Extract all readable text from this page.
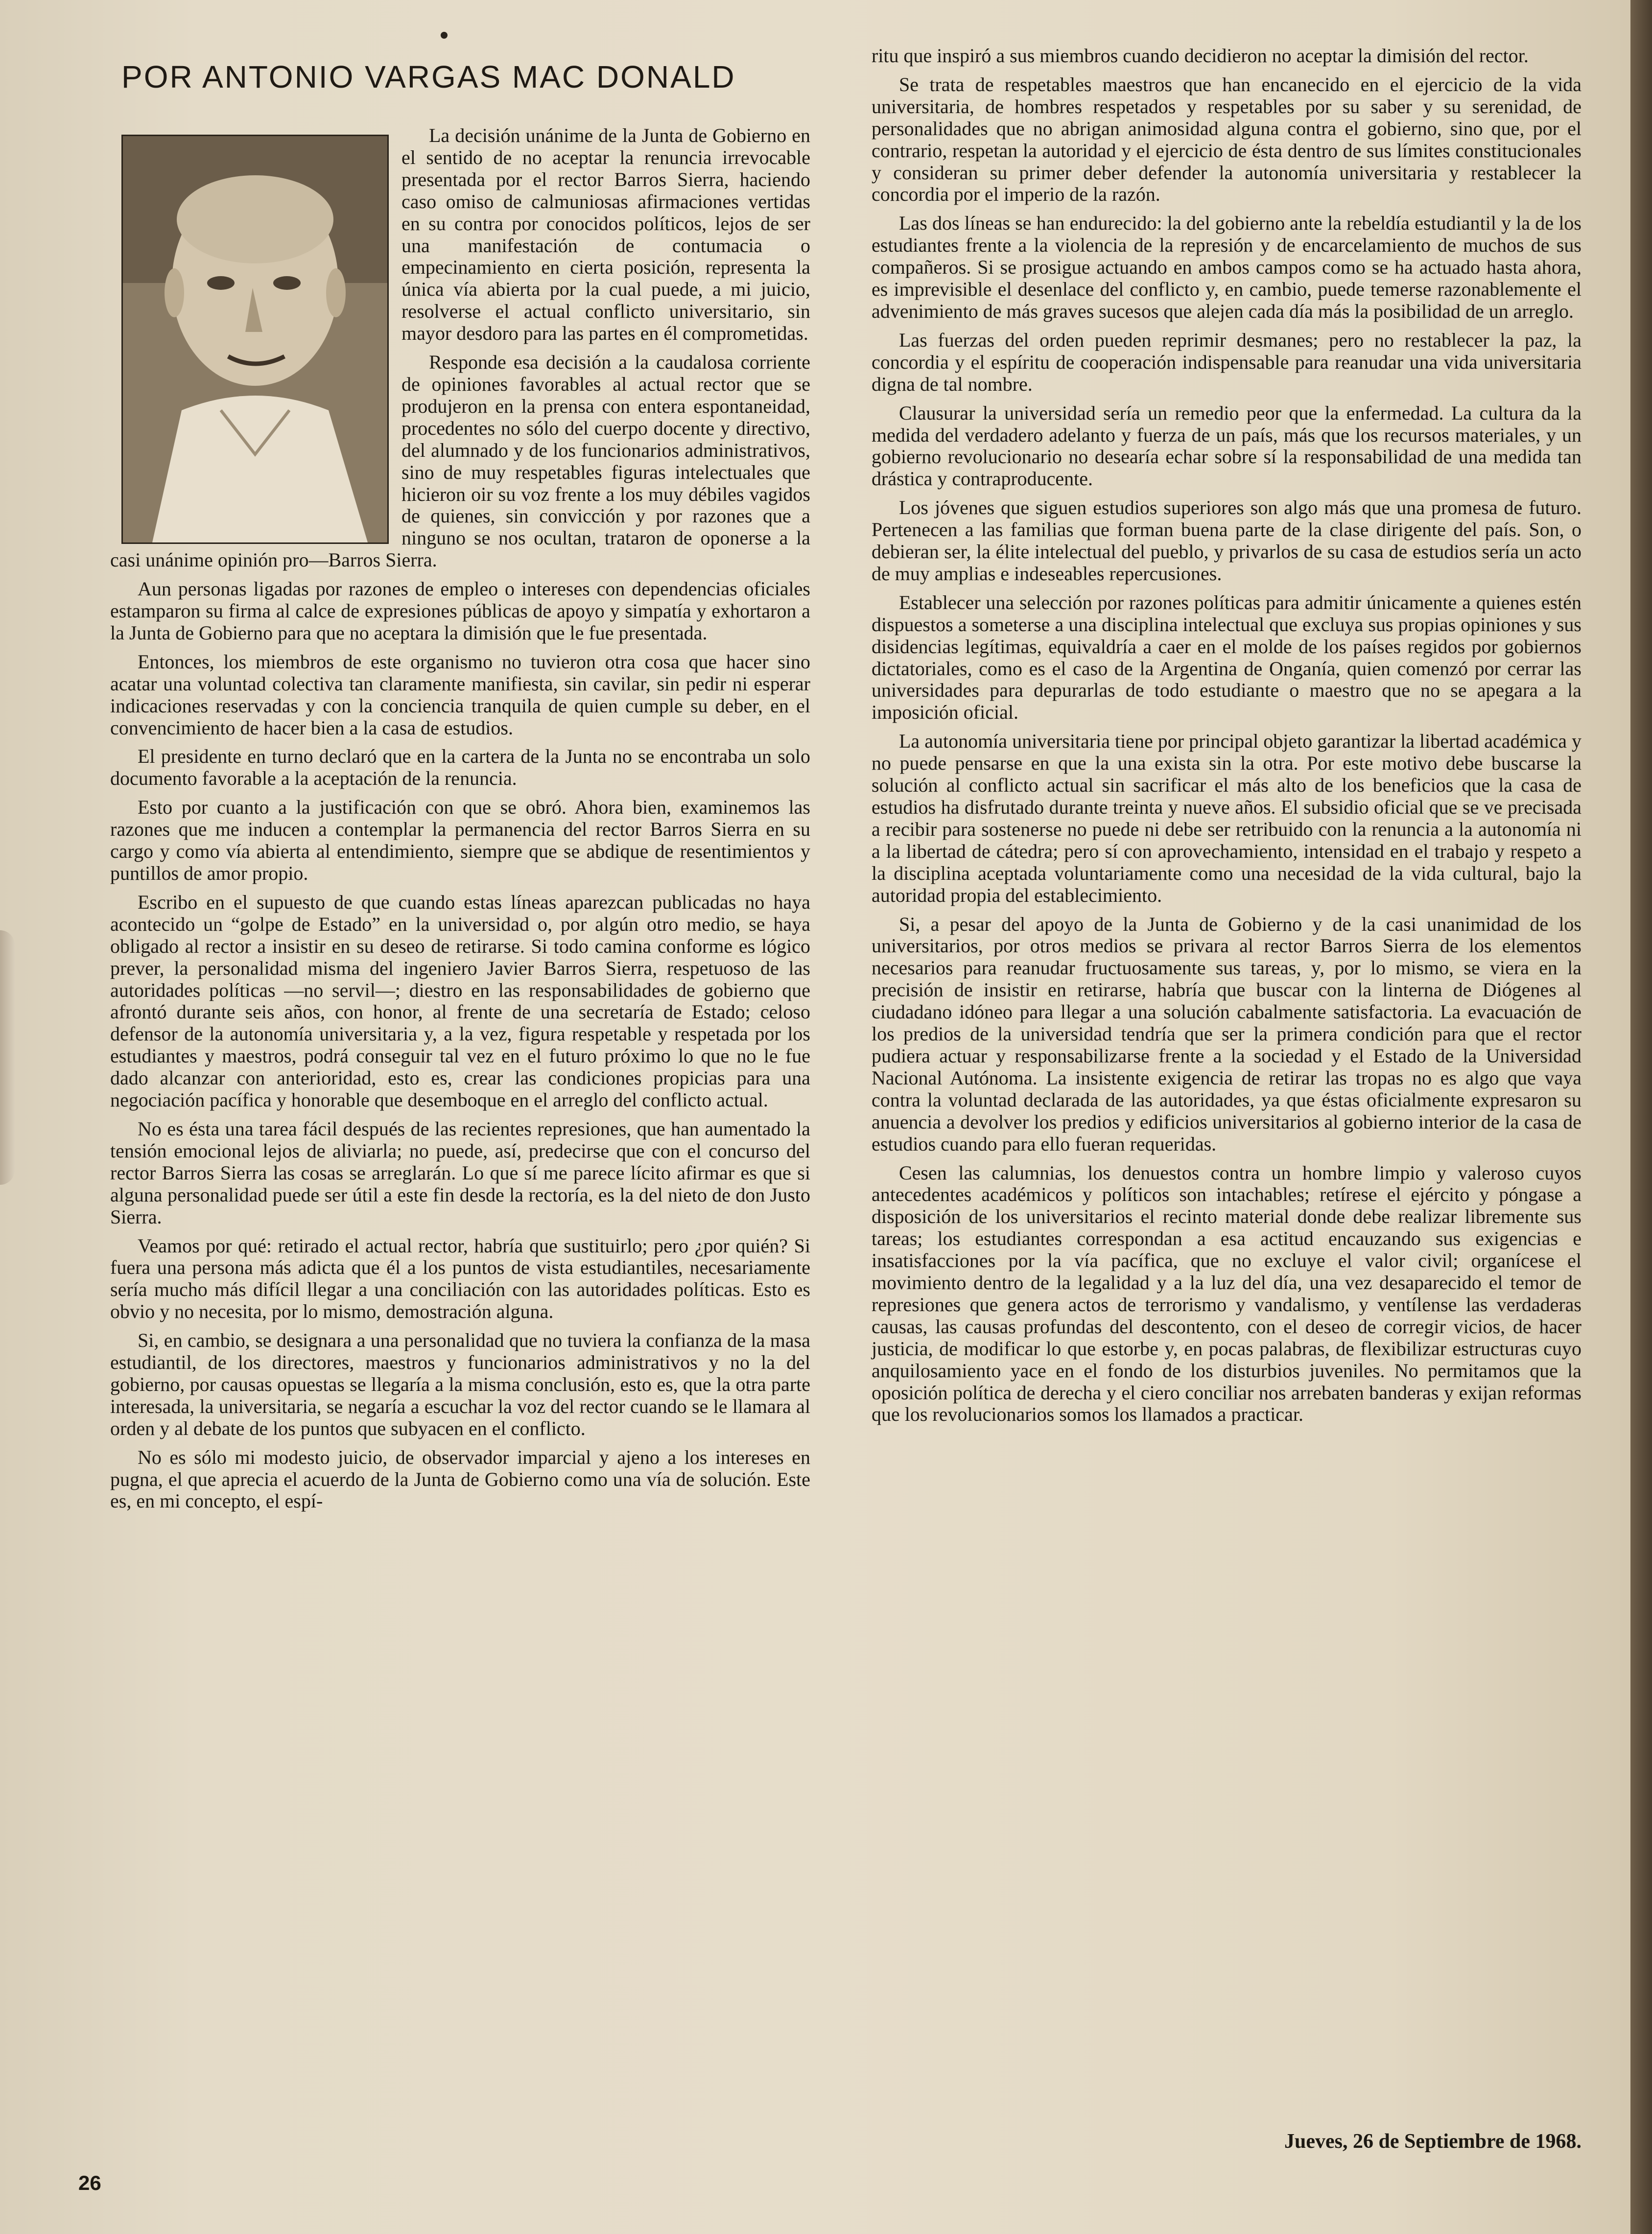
POR ANTONIO VARGAS MAC DONALD

La decisión unánime de la Junta de Gobierno en el sentido de no aceptar la renuncia irrevocable presentada por el rector Barros Sierra, haciendo caso omiso de calmuniosas afirmaciones vertidas en su contra por conocidos políticos, lejos de ser una manifestación de contumacia o empecinamiento en cierta posición, representa la única vía abierta por la cual puede, a mi juicio, resolverse el actual conflicto universitario, sin mayor desdoro para las partes en él comprometidas.

Responde esa decisión a la caudalosa corriente de opiniones favorables al actual rector que se produjeron en la prensa con entera espontaneidad, procedentes no sólo del cuerpo docente y directivo, del alumnado y de los funcionarios administrativos, sino de muy respetables figuras intelectuales que hicieron oir su voz frente a los muy débiles vagidos de quienes, sin convicción y por razones que a ninguno se nos ocultan, trataron de oponerse a la casi unánime opinión pro—Barros Sierra.

Aun personas ligadas por razones de empleo o intereses con dependencias oficiales estamparon su firma al calce de expresiones públicas de apoyo y simpatía y exhortaron a la Junta de Gobierno para que no aceptara la dimisión que le fue presentada.

Entonces, los miembros de este organismo no tuvieron otra cosa que hacer sino acatar una voluntad colectiva tan claramente manifiesta, sin cavilar, sin pedir ni esperar indicaciones reservadas y con la conciencia tranquila de quien cumple su deber, en el convencimiento de hacer bien a la casa de estudios.

El presidente en turno declaró que en la cartera de la Junta no se encontraba un solo documento favorable a la aceptación de la renuncia.

Esto por cuanto a la justificación con que se obró. Ahora bien, examinemos las razones que me inducen a contemplar la permanencia del rector Barros Sierra en su cargo y como vía abierta al entendimiento, siempre que se abdique de resentimientos y puntillos de amor propio.

Escribo en el supuesto de que cuando estas líneas aparezcan publicadas no haya acontecido un “golpe de Estado” en la universidad o, por algún otro medio, se haya obligado al rector a insistir en su deseo de retirarse. Si todo camina conforme es lógico prever, la personalidad misma del ingeniero Javier Barros Sierra, respetuoso de las autoridades políticas —no servil—; diestro en las responsabilidades de gobierno que afrontó durante seis años, con honor, al frente de una secretaría de Estado; celoso defensor de la autonomía universitaria y, a la vez, figura respetable y respetada por los estudiantes y maestros, podrá conseguir tal vez en el futuro próximo lo que no le fue dado alcanzar con anterioridad, esto es, crear las condiciones propicias para una negociación pacífica y honorable que desemboque en el arreglo del conflicto actual.

No es ésta una tarea fácil después de las recientes represiones, que han aumentado la tensión emocional lejos de aliviarla; no puede, así, predecirse que con el concurso del rector Barros Sierra las cosas se arreglarán. Lo que sí me parece lícito afirmar es que si alguna personalidad puede ser útil a este fin desde la rectoría, es la del nieto de don Justo Sierra.

Veamos por qué: retirado el actual rector, habría que sustituirlo; pero ¿por quién? Si fuera una persona más adicta que él a los puntos de vista estudiantiles, necesariamente sería mucho más difícil llegar a una conciliación con las autoridades políticas. Esto es obvio y no necesita, por lo mismo, demostración alguna.

Si, en cambio, se designara a una personalidad que no tuviera la confianza de la masa estudiantil, de los directores, maestros y funcionarios administrativos y no la del gobierno, por causas opuestas se llegaría a la misma conclusión, esto es, que la otra parte interesada, la universitaria, se negaría a escuchar la voz del rector cuando se le llamara al orden y al debate de los puntos que subyacen en el conflicto.

No es sólo mi modesto juicio, de observador imparcial y ajeno a los intereses en pugna, el que aprecia el acuerdo de la Junta de Gobierno como una vía de solución. Este es, en mi concepto, el espí-

ritu que inspiró a sus miembros cuando decidieron no aceptar la dimisión del rector.

Se trata de respetables maestros que han encanecido en el ejercicio de la vida universitaria, de hombres respetados y respetables por su saber y su serenidad, de personalidades que no abrigan animosidad alguna contra el gobierno, sino que, por el contrario, respetan la autoridad y el ejercicio de ésta dentro de sus límites constitucionales y consideran su primer deber defender la autonomía universitaria y restablecer la concordia por el imperio de la razón.

Las dos líneas se han endurecido: la del gobierno ante la rebeldía estudiantil y la de los estudiantes frente a la violencia de la represión y de encarcelamiento de muchos de sus compañeros. Si se prosigue actuando en ambos campos como se ha actuado hasta ahora, es imprevisible el desenlace del conflicto y, en cambio, puede temerse razonablemente el advenimiento de más graves sucesos que alejen cada día más la posibilidad de un arreglo.

Las fuerzas del orden pueden reprimir desmanes; pero no restablecer la paz, la concordia y el espíritu de cooperación indispensable para reanudar una vida universitaria digna de tal nombre.

Clausurar la universidad sería un remedio peor que la enfermedad. La cultura da la medida del verdadero adelanto y fuerza de un país, más que los recursos materiales, y un gobierno revolucionario no desearía echar sobre sí la responsabilidad de una medida tan drástica y contraproducente.

Los jóvenes que siguen estudios superiores son algo más que una promesa de futuro. Pertenecen a las familias que forman buena parte de la clase dirigente del país. Son, o debieran ser, la élite intelectual del pueblo, y privarlos de su casa de estudios sería un acto de muy amplias e indeseables repercusiones.

Establecer una selección por razones políticas para admitir únicamente a quienes estén dispuestos a someterse a una disciplina intelectual que excluya sus propias opiniones y sus disidencias legítimas, equivaldría a caer en el molde de los países regidos por gobiernos dictatoriales, como es el caso de la Argentina de Onganía, quien comenzó por cerrar las universidades para depurarlas de todo estudiante o maestro que no se apegara a la imposición oficial.

La autonomía universitaria tiene por principal objeto garantizar la libertad académica y no puede pensarse en que la una exista sin la otra. Por este motivo debe buscarse la solución al conflicto actual sin sacrificar el más alto de los beneficios que la casa de estudios ha disfrutado durante treinta y nueve años. El subsidio oficial que se ve precisada a recibir para sostenerse no puede ni debe ser retribuido con la renuncia a la autonomía ni a la libertad de cátedra; pero sí con aprovechamiento, intensidad en el trabajo y respeto a la disciplina aceptada voluntariamente como una necesidad de la vida cultural, bajo la autoridad propia del establecimiento.

Si, a pesar del apoyo de la Junta de Gobierno y de la casi unanimidad de los universitarios, por otros medios se privara al rector Barros Sierra de los elementos necesarios para reanudar fructuosamente sus tareas, y, por lo mismo, se viera en la precisión de insistir en retirarse, habría que buscar con la linterna de Diógenes al ciudadano idóneo para llegar a una solución cabalmente satisfactoria. La evacuación de los predios de la universidad tendría que ser la primera condición para que el rector pudiera actuar y responsabilizarse frente a la sociedad y el Estado de la Universidad Nacional Autónoma. La insistente exigencia de retirar las tropas no es algo que vaya contra la voluntad declarada de las autoridades, ya que éstas oficialmente expresaron su anuencia a devolver los predios y edificios universitarios al gobierno interior de la casa de estudios cuando para ello fueran requeridas.

Cesen las calumnias, los denuestos contra un hombre limpio y valeroso cuyos antecedentes académicos y políticos son intachables; retírese el ejército y póngase a disposición de los universitarios el recinto material donde debe realizar libremente sus tareas; los estudiantes correspondan a esa actitud encauzando sus exigencias e insatisfacciones por la vía pacífica, que no excluye el valor civil; organícese el movimiento dentro de la legalidad y a la luz del día, una vez desaparecido el temor de represiones que genera actos de terrorismo y vandalismo, y ventílense las verdaderas causas, las causas profundas del descontento, con el deseo de corregir vicios, de hacer justicia, de modificar lo que estorbe y, en pocas palabras, de flexibilizar estructuras cuyo anquilosamiento yace en el fondo de los disturbios juveniles. No permitamos que la oposición política de derecha y el ciero conciliar nos arrebaten banderas y exijan reformas que los revolucionarios somos los llamados a practicar.

Jueves, 26 de Septiembre de 1968.
26
